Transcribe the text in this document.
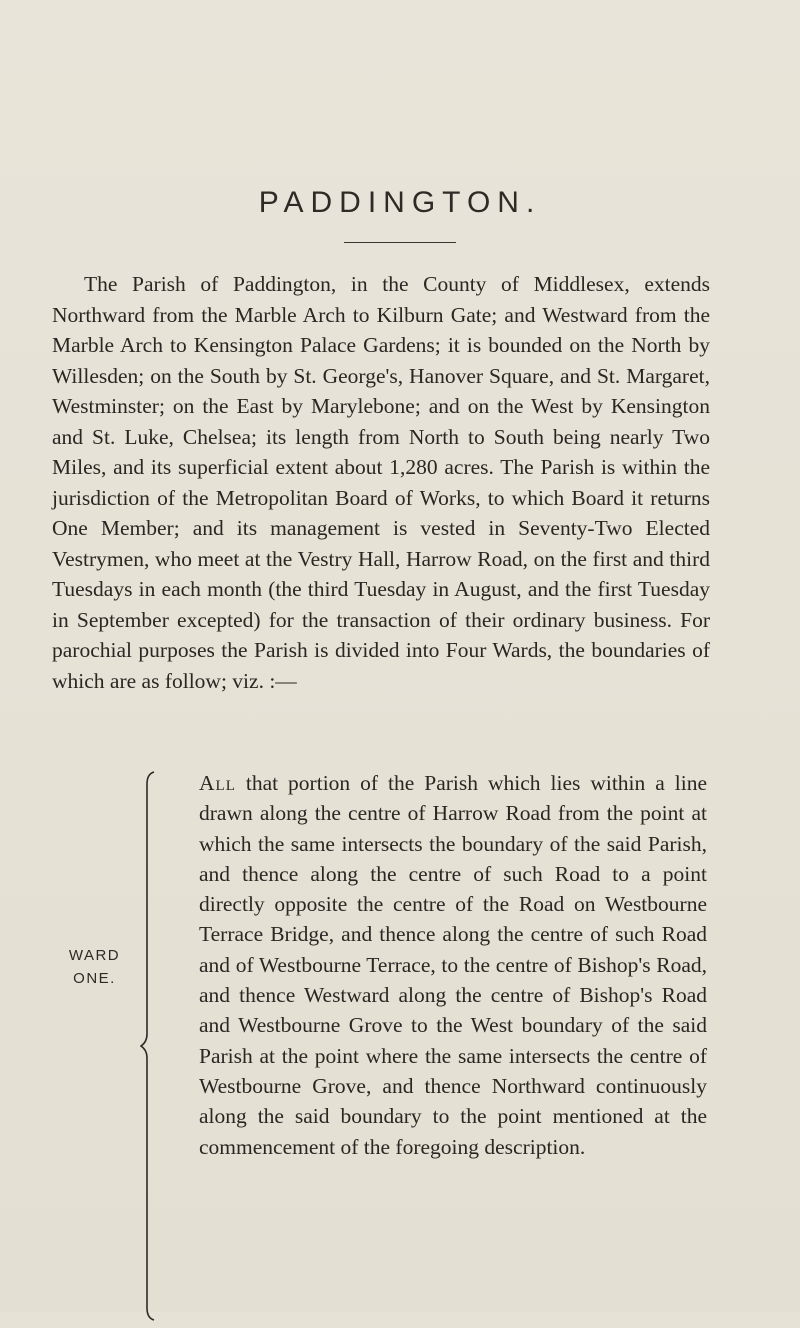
PADDINGTON.

The Parish of Paddington, in the County of Middlesex, extends Northward from the Marble Arch to Kilburn Gate; and Westward from the Marble Arch to Kensington Palace Gardens; it is bounded on the North by Willesden; on the South by St. George's, Hanover Square, and St. Margaret, Westminster; on the East by Marylebone; and on the West by Kensington and St. Luke, Chelsea; its length from North to South being nearly Two Miles, and its superficial extent about 1,280 acres. The Parish is within the jurisdiction of the Metropolitan Board of Works, to which Board it returns One Member; and its management is vested in Seventy-Two Elected Vestrymen, who meet at the Vestry Hall, Harrow Road, on the first and third Tuesdays in each month (the third Tuesday in August, and the first Tuesday in September excepted) for the transaction of their ordinary business. For parochial purposes the Parish is divided into Four Wards, the boundaries of which are as follow; viz. :—

WARD
ONE.

All that portion of the Parish which lies within a line drawn along the centre of Harrow Road from the point at which the same intersects the boundary of the said Parish, and thence along the centre of such Road to a point directly opposite the centre of the Road on Westbourne Terrace Bridge, and thence along the centre of such Road and of Westbourne Terrace, to the centre of Bishop's Road, and thence Westward along the centre of Bishop's Road and Westbourne Grove to the West boundary of the said Parish at the point where the same intersects the centre of Westbourne Grove, and thence Northward continuously along the said boundary to the point mentioned at the commencement of the foregoing description.
